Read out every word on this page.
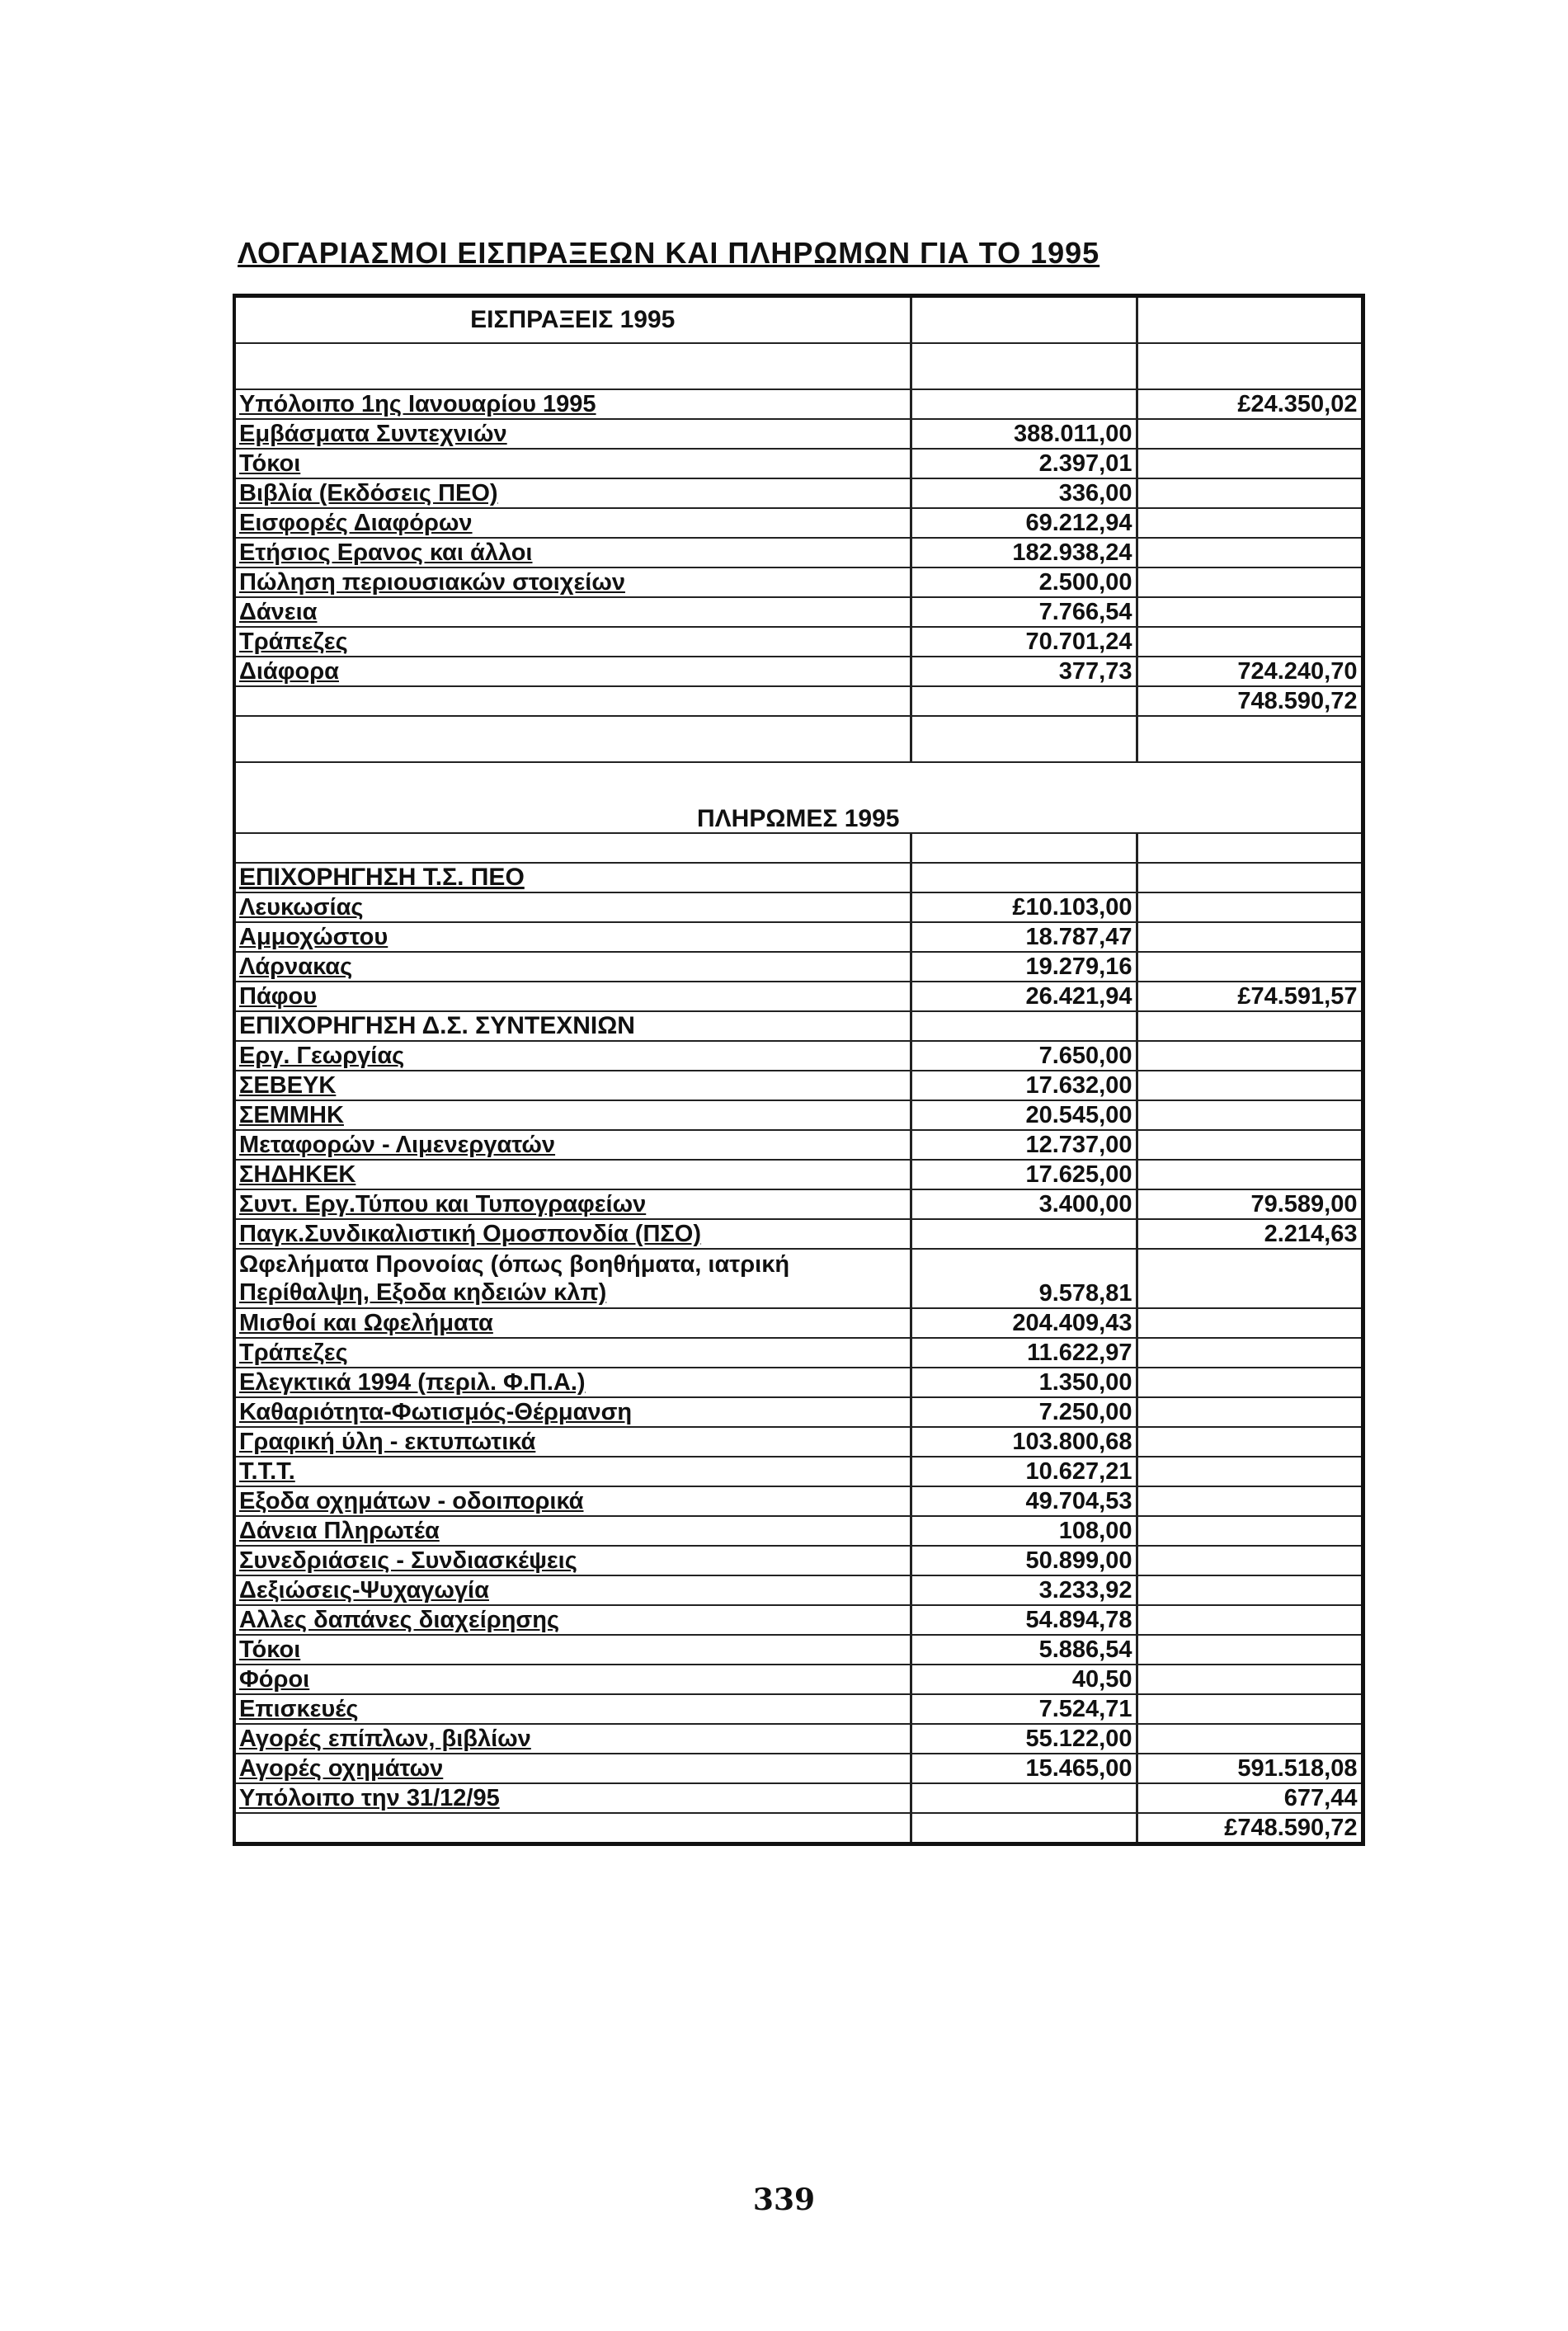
ΛΟΓΑΡΙΑΣΜΟΙ ΕΙΣΠΡΑΞΕΩΝ ΚΑΙ ΠΛΗΡΩΜΩΝ ΓΙΑ ΤΟ 1995
ΕΙΣΠΡΑΞΕΙΣ 1995		

Υπόλοιπο 1ης Ιανουαρίου 1995		£24.350,02
Εμβάσματα Συντεχνιών	388.011,00	
Τόκοι	2.397,01	
Βιβλία (Εκδόσεις ΠΕΟ)	336,00	
Εισφορές Διαφόρων	69.212,94	
Ετήσιος Ερανος και άλλοι	182.938,24	
Πώληση περιουσιακών στοιχείων	2.500,00	
Δάνεια	7.766,54	
Τράπεζες	70.701,24	
Διάφορα	377,73	724.240,70
		748.590,72

ΠΛΗΡΩΜΕΣ 1995		

ΕΠΙΧΟΡΗΓΗΣΗ Τ.Σ. ΠΕΟ		
Λευκωσίας	£10.103,00	
Αμμοχώστου	18.787,47	
Λάρνακας	19.279,16	
Πάφου	26.421,94	£74.591,57
ΕΠΙΧΟΡΗΓΗΣΗ Δ.Σ. ΣΥΝΤΕΧΝΙΩΝ		
Εργ. Γεωργίας	7.650,00	
ΣΕΒΕΥΚ	17.632,00	
ΣΕΜΜΗΚ	20.545,00	
Μεταφορών - Λιμενεργατών	12.737,00	
ΣΗΔΗΚΕΚ	17.625,00	
Συντ. Εργ.Τύπου και Τυπογραφείων	3.400,00	79.589,00
Παγκ.Συνδικαλιστική Ομοσπονδία (ΠΣΟ)		2.214,63

Ωφελήματα Προνοίας (όπως βοηθήματα, ιατρική
Περίθαλψη, Εξοδα κηδειών κλπ)	9.578,81	
Μισθοί και Ωφελήματα	204.409,43	
Τράπεζες	11.622,97	
Ελεγκτικά 1994 (περιλ. Φ.Π.Α.)	1.350,00	
Καθαριότητα-Φωτισμός-Θέρμανση	7.250,00	
Γραφική ύλη - εκτυπωτικά	103.800,68	
Τ.Τ.Τ.	10.627,21	
Εξοδα οχημάτων - οδοιπορικά	49.704,53	
Δάνεια Πληρωτέα	108,00	
Συνεδριάσεις - Συνδιασκέψεις	50.899,00	
Δεξιώσεις-Ψυχαγωγία	3.233,92	
Αλλες δαπάνες διαχείρησης	54.894,78	
Τόκοι	5.886,54	
Φόροι	40,50	
Επισκευές	7.524,71	
Αγορές επίπλων, βιβλίων	55.122,00	
Αγορές οχημάτων	15.465,00	591.518,08
Υπόλοιπο την 31/12/95		677,44
		£748.590,72
339
